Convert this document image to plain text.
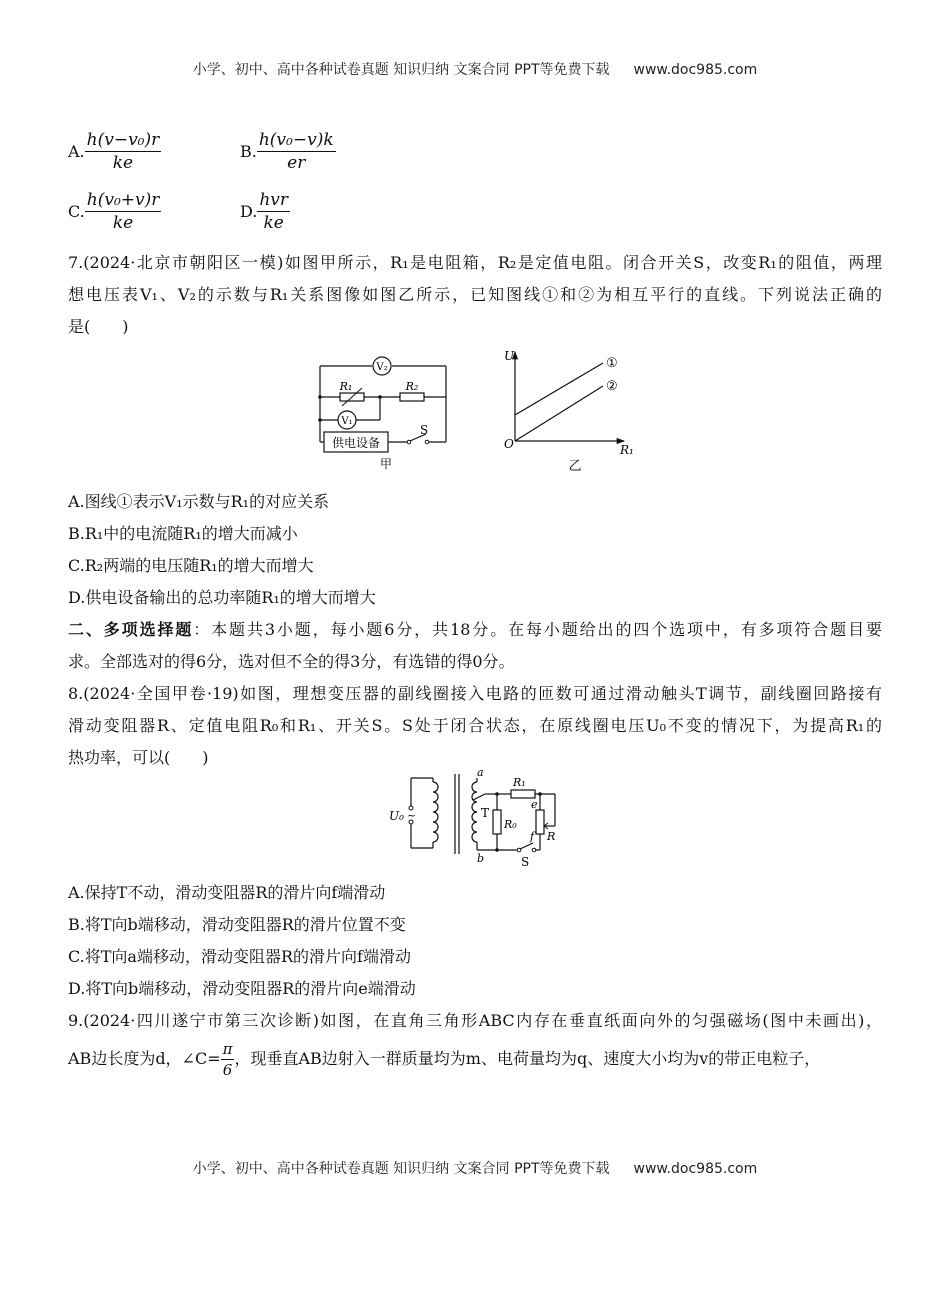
小学、初中、高中各种试卷真题 知识归纳 文案合同 PPT等免费下载 www.doc985.com
A. $\frac{\text{h(v−v₀)r}}{ke}$	B. $\frac{\text{h(v₀−v)k}}{er}$
C. $\frac{\text{h(v₀+v)r}}{ke}$	D. $\frac{\text{hvr}}{ke}$
7.(2024·北京市朝阳区一模)如图甲所示，R₁是电阻箱，R₂是定值电阻。闭合开关S，改变R₁的阻值，两理
想电压表V₁、V₂的示数与R₁关系图像如图乙所示，已知图线①和②为相互平行的直线。下列说法正确的
是(　　)
V₂
R₁	R₂
V₁
供电设备
S
甲
U
O	R₁
①
②
乙
A.图线①表示V₁示数与R₁的对应关系
B.R₁中的电流随R₁的增大而减小
C.R₂两端的电压随R₁的增大而增大
D.供电设备输出的总功率随R₁的增大而增大
二、多项选择题：本题共3小题，每小题6分，共18分。在每小题给出的四个选项中，有多项符合题目要
求。全部选对的得6分，选对但不全的得3分，有选错的得0分。
8.(2024·全国甲卷·19)如图，理想变压器的副线圈接入电路的匝数可通过滑动触头T调节，副线圈回路接有
滑动变阻器R、定值电阻R₀和R₁、开关S。S处于闭合状态，在原线圈电压U₀不变的情况下，为提高R₁的
热功率，可以(　　)
U₀ ~
a
b
T
R₁
R₀
e
f R
S
A.保持T不动，滑动变阻器R的滑片向f端滑动
B.将T向b端移动，滑动变阻器R的滑片位置不变
C.将T向a端移动，滑动变阻器R的滑片向f端滑动
D.将T向b端移动，滑动变阻器R的滑片向e端滑动
9.(2024·四川遂宁市第三次诊断)如图，在直角三角形ABC内存在垂直纸面向外的匀强磁场(图中未画出)，
AB边长度为d，∠C= $\frac{\pi}{6}$ ，现垂直AB边射入一群质量均为m、电荷量均为q、速度大小均为v的带正电粒子，
小学、初中、高中各种试卷真题 知识归纳 文案合同 PPT等免费下载 www.doc985.com
